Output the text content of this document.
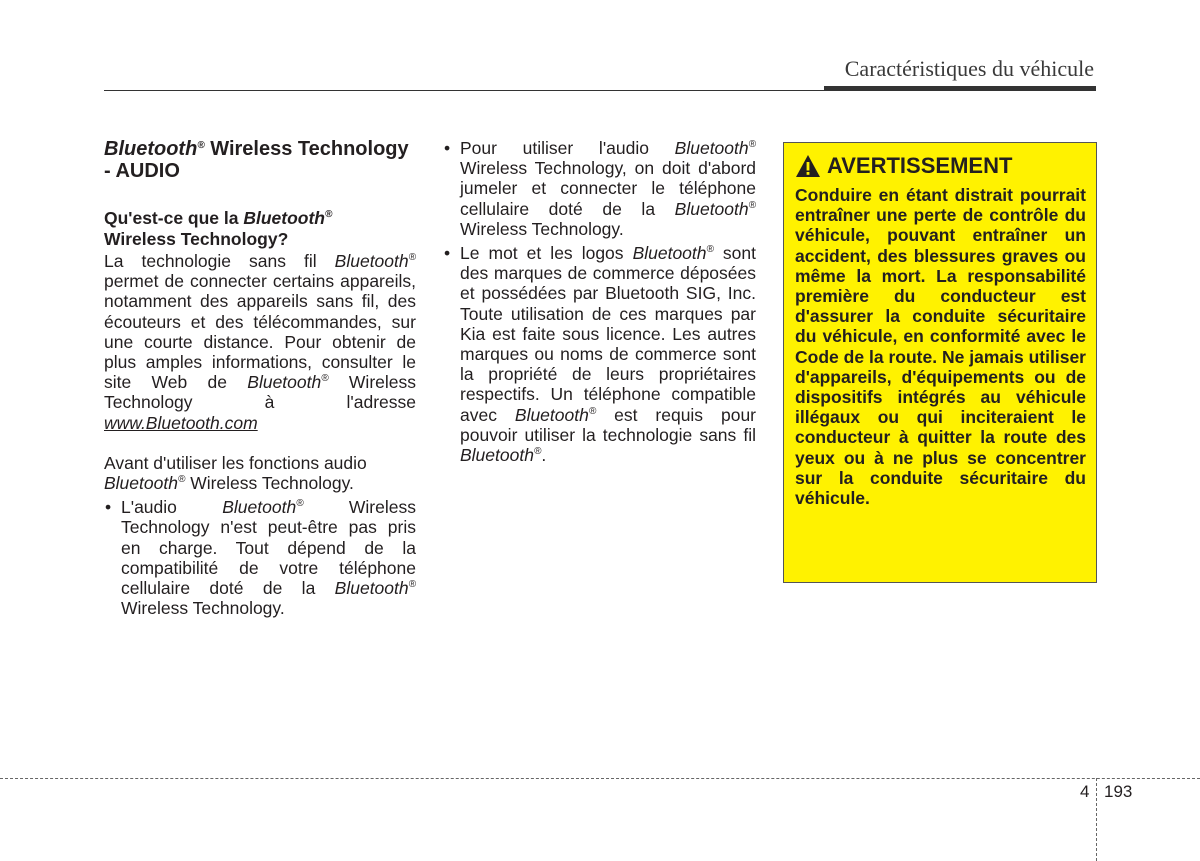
Caractéristiques du véhicule
Bluetooth® Wireless Technology
- AUDIO
Qu'est-ce que la Bluetooth®
Wireless Technology?

La technologie sans fil Bluetooth® permet de connecter certains appareils, notamment des appareils sans fil, des écouteurs et des télécommandes, sur une courte distance. Pour obtenir de plus amples informations, consulter le site Web de Bluetooth® Wireless Technology à l'adresse www.Bluetooth.com

Avant d'utiliser les fonctions audio Bluetooth® Wireless Technology.

• L'audio Bluetooth® Wireless Technology n'est peut-être pas pris en charge. Tout dépend de la compatibilité de votre téléphone cellulaire doté de la Bluetooth® Wireless Technology.
• Pour utiliser l'audio Bluetooth® Wireless Technology, on doit d'abord jumeler et connecter le téléphone cellulaire doté de la Bluetooth® Wireless Technology.
• Le mot et les logos Bluetooth® sont des marques de commerce déposées et possédées par Bluetooth SIG, Inc. Toute utilisation de ces marques par Kia est faite sous licence. Les autres marques ou noms de commerce sont la propriété de leurs propriétaires respectifs. Un téléphone compatible avec Bluetooth® est requis pour pouvoir utiliser la technologie sans fil Bluetooth®.
AVERTISSEMENT

Conduire en étant distrait pourrait entraîner une perte de contrôle du véhicule, pouvant entraîner un accident, des blessures graves ou même la mort. La responsabilité première du conducteur est d'assurer la conduite sécuritaire du véhicule, en conformité avec le Code de la route. Ne jamais utiliser d'appareils, d'équipements ou de dispositifs intégrés au véhicule illégaux ou qui inciteraient le conducteur à quitter la route des yeux ou à ne plus se concentrer sur la conduite sécuritaire du véhicule.

4 193
